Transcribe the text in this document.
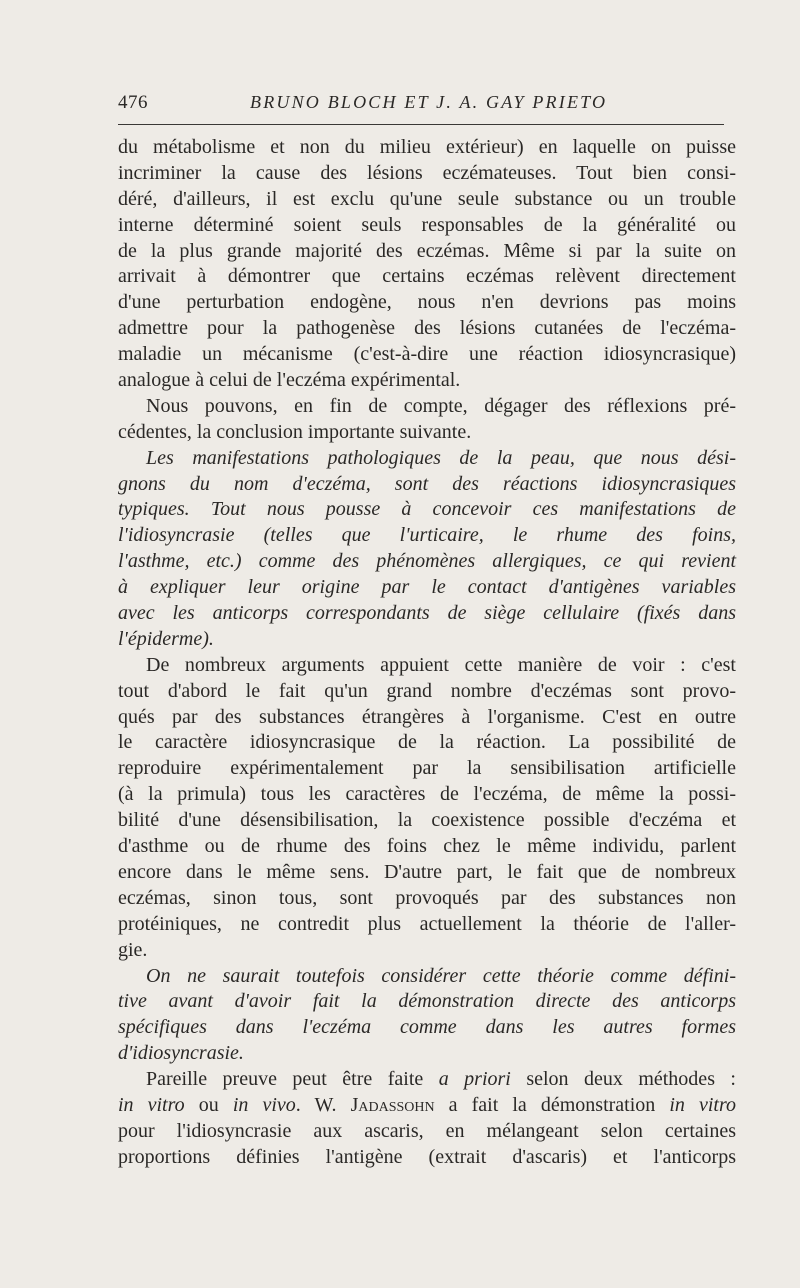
476	BRUNO BLOCH ET J. A. GAY PRIETO
du métabolisme et non du milieu extérieur) en laquelle on puisse
incriminer la cause des lésions eczémateuses. Tout bien consi-
déré, d'ailleurs, il est exclu qu'une seule substance ou un trouble
interne déterminé soient seuls responsables de la généralité ou
de la plus grande majorité des eczémas. Même si par la suite on
arrivait à démontrer que certains eczémas relèvent directement
d'une perturbation endogène, nous n'en devrions pas moins
admettre pour la pathogenèse des lésions cutanées de l'eczéma-
maladie un mécanisme (c'est-à-dire une réaction idiosyncrasique)
analogue à celui de l'eczéma expérimental.
Nous pouvons, en fin de compte, dégager des réflexions pré-
cédentes, la conclusion importante suivante.
Les manifestations pathologiques de la peau, que nous dési-
gnons du nom d'eczéma, sont des réactions idiosyncrasiques
typiques. Tout nous pousse à concevoir ces manifestations de
l'idiosyncrasie (telles que l'urticaire, le rhume des foins,
l'asthme, etc.) comme des phénomènes allergiques, ce qui revient
à expliquer leur origine par le contact d'antigènes variables
avec les anticorps correspondants de siège cellulaire (fixés dans
l'épiderme).
De nombreux arguments appuient cette manière de voir : c'est
tout d'abord le fait qu'un grand nombre d'eczémas sont provo-
qués par des substances étrangères à l'organisme. C'est en outre
le caractère idiosyncrasique de la réaction. La possibilité de
reproduire expérimentalement par la sensibilisation artificielle
(à la primula) tous les caractères de l'eczéma, de même la possi-
bilité d'une désensibilisation, la coexistence possible d'eczéma et
d'asthme ou de rhume des foins chez le même individu, parlent
encore dans le même sens. D'autre part, le fait que de nombreux
eczémas, sinon tous, sont provoqués par des substances non
protéiniques, ne contredit plus actuellement la théorie de l'aller-
gie.
On ne saurait toutefois considérer cette théorie comme défini-
tive avant d'avoir fait la démonstration directe des anticorps
spécifiques dans l'eczéma comme dans les autres formes
d'idiosyncrasie.
Pareille preuve peut être faite a priori selon deux méthodes :
in vitro ou in vivo. W. Jadassohn a fait la démonstration in vitro
pour l'idiosyncrasie aux ascaris, en mélangeant selon certaines
proportions définies l'antigène (extrait d'ascaris) et l'anticorps
